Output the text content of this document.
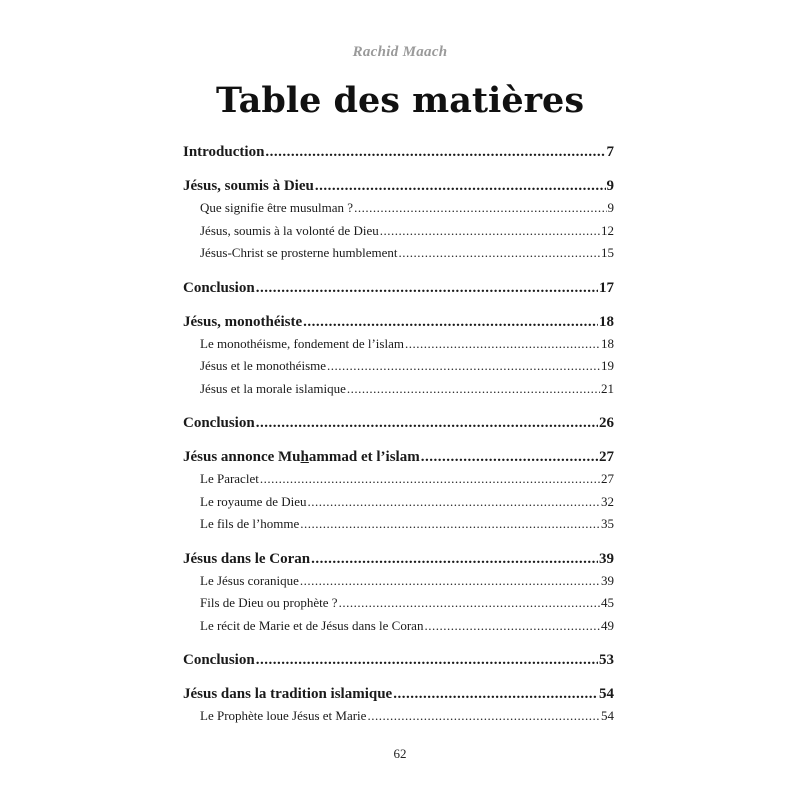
Rachid Maach
Table des matières
Introduction .....	7
Jésus, soumis à Dieu .....	9
Que signifie être musulman ? .....	9
Jésus, soumis à la volonté de Dieu .....	12
Jésus-Christ se prosterne humblement .....	15
Conclusion .....	17
Jésus, monothéiste .....	18
Le monothéisme, fondement de l’islam .....	18
Jésus et le monothéisme .....	19
Jésus et la morale islamique .....	21
Conclusion .....	26
Jésus annonce Muhammad et l’islam .....	27
Le Paraclet .....	27
Le royaume de Dieu .....	32
Le fils de l’homme .....	35
Jésus dans le Coran .....	39
Le Jésus coranique .....	39
Fils de Dieu ou prophète ? .....	45
Le récit de Marie et de Jésus dans le Coran .....	49
Conclusion .....	53
Jésus dans la tradition islamique .....	54
Le Prophète loue Jésus et Marie .....	54
62
